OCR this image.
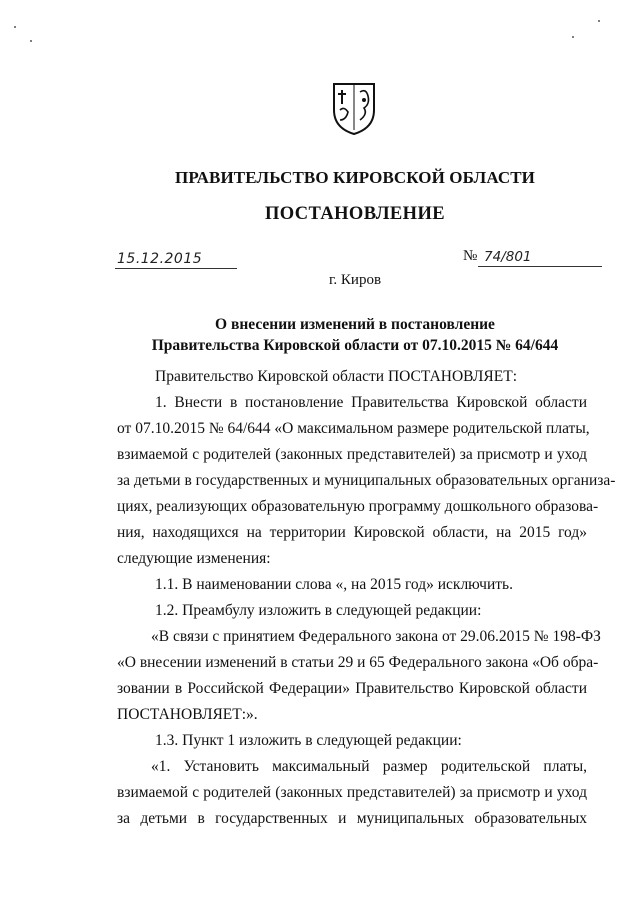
ПРАВИТЕЛЬСТВО КИРОВСКОЙ ОБЛАСТИ
ПОСТАНОВЛЕНИЕ
15.12.2015	№ 74/801
г. Киров
О внесении изменений в постановление
Правительства Кировской области от 07.10.2015 № 64/644
Правительство Кировской области ПОСТАНОВЛЯЕТ:
1. Внести в постановление Правительства Кировской области
от 07.10.2015 № 64/644 «О максимальном размере родительской платы,
взимаемой с родителей (законных представителей) за присмотр и уход
за детьми в государственных и муниципальных образовательных организа-
циях, реализующих образовательную программу дошкольного образова-
ния, находящихся на территории Кировской области, на 2015 год»
следующие изменения:
1.1. В наименовании слова «, на 2015 год» исключить.
1.2. Преамбулу изложить в следующей редакции:
«В связи с принятием Федерального закона от 29.06.2015 № 198-ФЗ
«О внесении изменений в статьи 29 и 65 Федерального закона «Об обра-
зовании в Российской Федерации» Правительство Кировской области
ПОСТАНОВЛЯЕТ:».
1.3. Пункт 1 изложить в следующей редакции:
«1. Установить максимальный размер родительской платы,
взимаемой с родителей (законных представителей) за присмотр и уход
за детьми в государственных и муниципальных образовательных
